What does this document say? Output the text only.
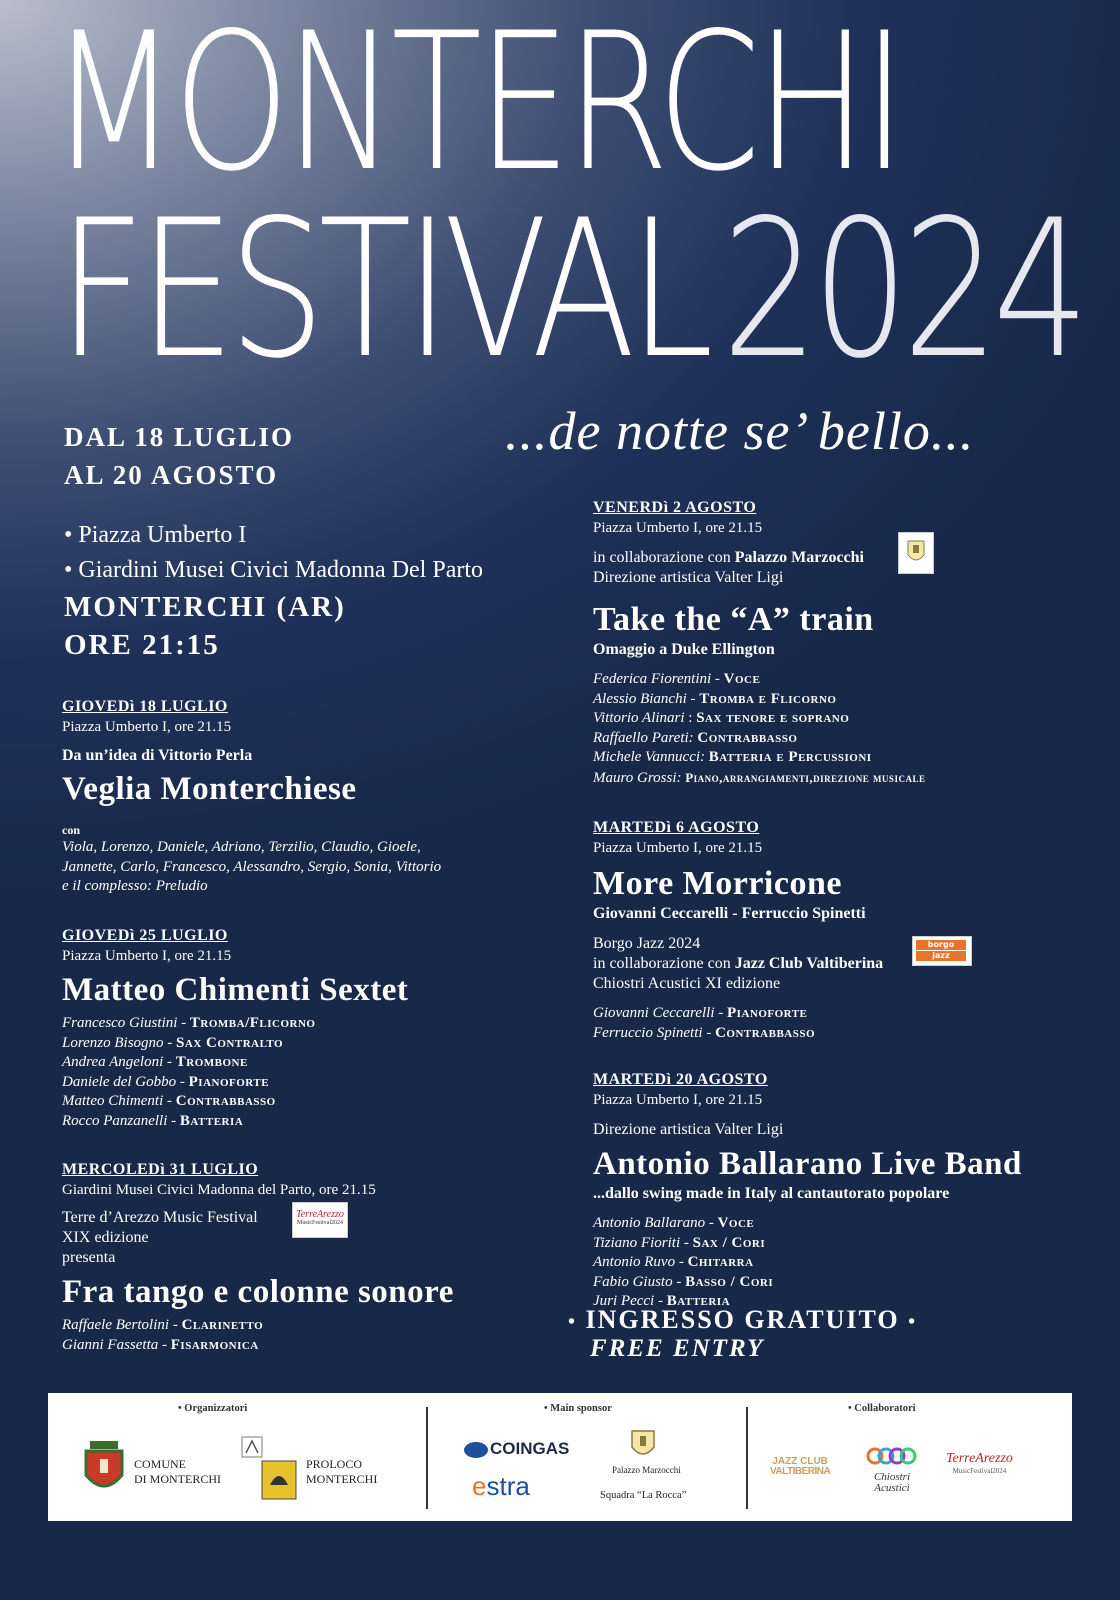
MONTERCHI
FESTIVAL2024
...de notte se’ bello...
DAL 18 LUGLIO
AL 20 AGOSTO
• Piazza Umberto I
• Giardini Musei Civici Madonna Del Parto
MONTERCHI (AR)
ORE 21:15
GIOVEDì 18 LUGLIO
Piazza Umberto I, ore 21.15
Da un’idea di Vittorio Perla
Veglia Monterchiese
con
Viola, Lorenzo, Daniele, Adriano, Terzilio, Claudio, Gioele,
Jannette, Carlo, Francesco, Alessandro, Sergio, Sonia, Vittorio
e il complesso: Preludio
GIOVEDì 25 LUGLIO
Piazza Umberto I, ore 21.15
Matteo Chimenti Sextet
Francesco Giustini - Tromba/Flicorno
Lorenzo Bisogno - Sax Contralto
Andrea Angeloni - Trombone
Daniele del Gobbo - Pianoforte
Matteo Chimenti - Contrabbasso
Rocco Panzanelli - Batteria
MERCOLEDì 31 LUGLIO
Giardini Musei Civici Madonna del Parto, ore 21.15
Terre d’Arezzo Music Festival
XIX edizione
presenta
TerreArezzo
MusicFestival2024
Fra tango e colonne sonore
Raffaele Bertolini - Clarinetto
Gianni Fassetta - Fisarmonica
VENERDì 2 AGOSTO
Piazza Umberto I, ore 21.15
in collaborazione con Palazzo Marzocchi
Direzione artistica Valter Ligi
Take the “A” train
Omaggio a Duke Ellington
Federica Fiorentini - Voce
Alessio Bianchi - Tromba e Flicorno
Vittorio Alinari : Sax tenore e soprano
Raffaello Pareti: Contrabbasso
Michele Vannucci: Batteria e Percussioni
Mauro Grossi: Piano,arrangiamenti,direzione musicale
MARTEDì 6 AGOSTO
Piazza Umberto I, ore 21.15
More Morricone
Giovanni Ceccarelli - Ferruccio Spinetti
Borgo Jazz 2024
in collaborazione con Jazz Club Valtiberina
Chiostri Acustici XI edizione
borgo
jazz
Giovanni Ceccarelli - Pianoforte
Ferruccio Spinetti - Contrabbasso
MARTEDì 20 AGOSTO
Piazza Umberto I, ore 21.15
Direzione artistica Valter Ligi
Antonio Ballarano Live Band
...dallo swing made in Italy al cantautorato popolare
Antonio Ballarano - Voce
Tiziano Fioriti - Sax / Cori
Antonio Ruvo - Chitarra
Fabio Giusto - Basso / Cori
Juri Pecci - Batteria
• INGRESSO GRATUITO •
FREE ENTRY
• Organizzatori	• Main sponsor	• Collaboratori
COMUNE
DI MONTERCHI
PROLOCO
MONTERCHI
COINGAS
estra
Palazzo Marzocchi
Squadra “La Rocca”
JAZZ CLUB
VALTIBERINA	Chiostri
Acustici
TerreArezzo
MusicFestival2024
